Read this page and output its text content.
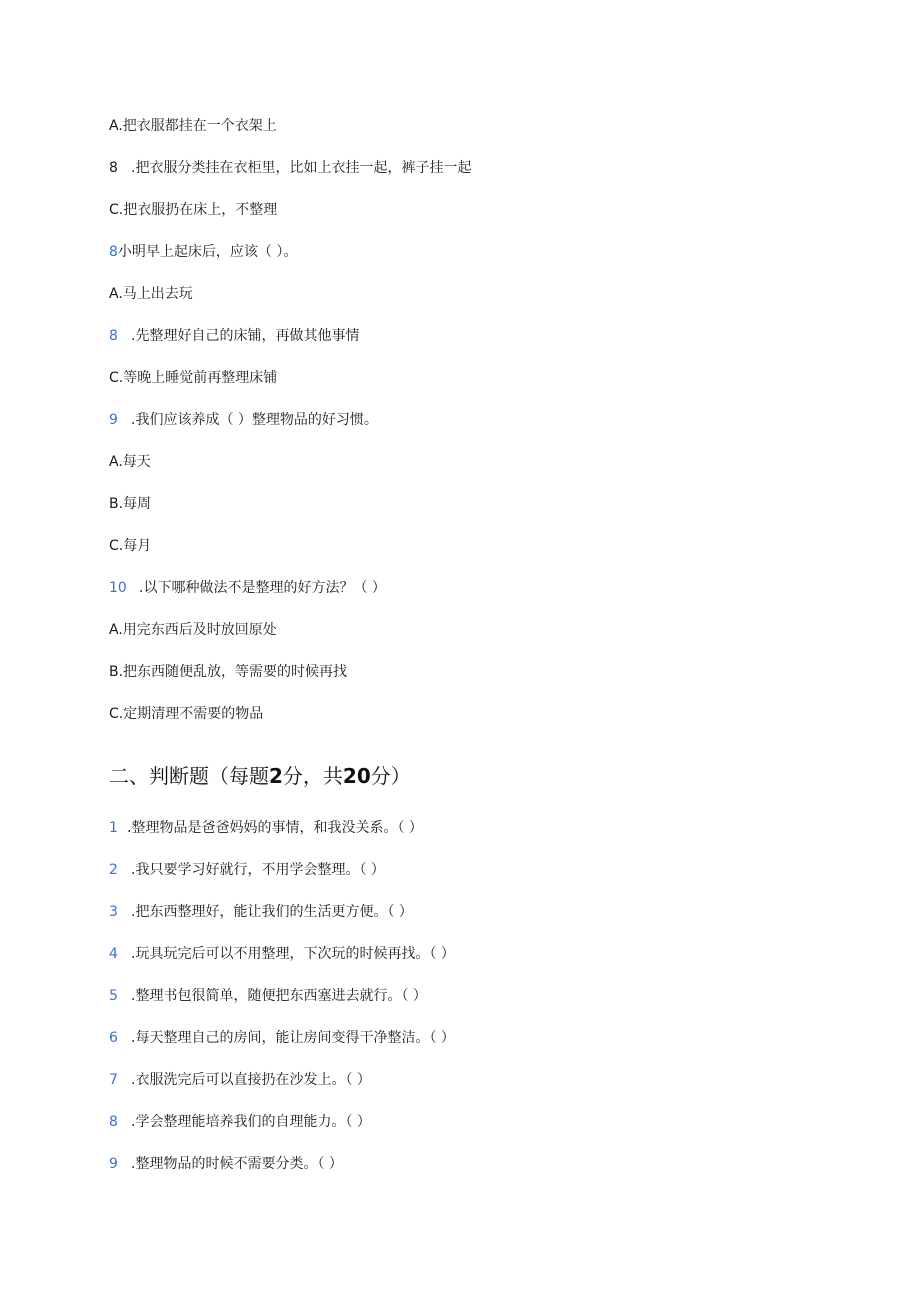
A.把衣服都挂在一个衣架上
8 .把衣服分类挂在衣柜里，比如上衣挂一起，裤子挂一起
C.把衣服扔在床上，不整理
8小明早上起床后，应该（ ）。
A.马上出去玩
8 .先整理好自己的床铺，再做其他事情
C.等晚上睡觉前再整理床铺
9 .我们应该养成（ ）整理物品的好习惯。
A.每天
B.每周
C.每月
10 .以下哪种做法不是整理的好方法？（ ）
A.用完东西后及时放回原处
B.把东西随便乱放，等需要的时候再找
C.定期清理不需要的物品
二、判断题（每题2分，共20分）
1 .整理物品是爸爸妈妈的事情，和我没关系。（ ）
2 .我只要学习好就行，不用学会整理。（ ）
3 .把东西整理好，能让我们的生活更方便。（ ）
4 .玩具玩完后可以不用整理，下次玩的时候再找。（ ）
5 .整理书包很简单，随便把东西塞进去就行。（ ）
6 .每天整理自己的房间，能让房间变得干净整洁。（ ）
7 .衣服洗完后可以直接扔在沙发上。（ ）
8 .学会整理能培养我们的自理能力。（ ）
9 .整理物品的时候不需要分类。（ ）
